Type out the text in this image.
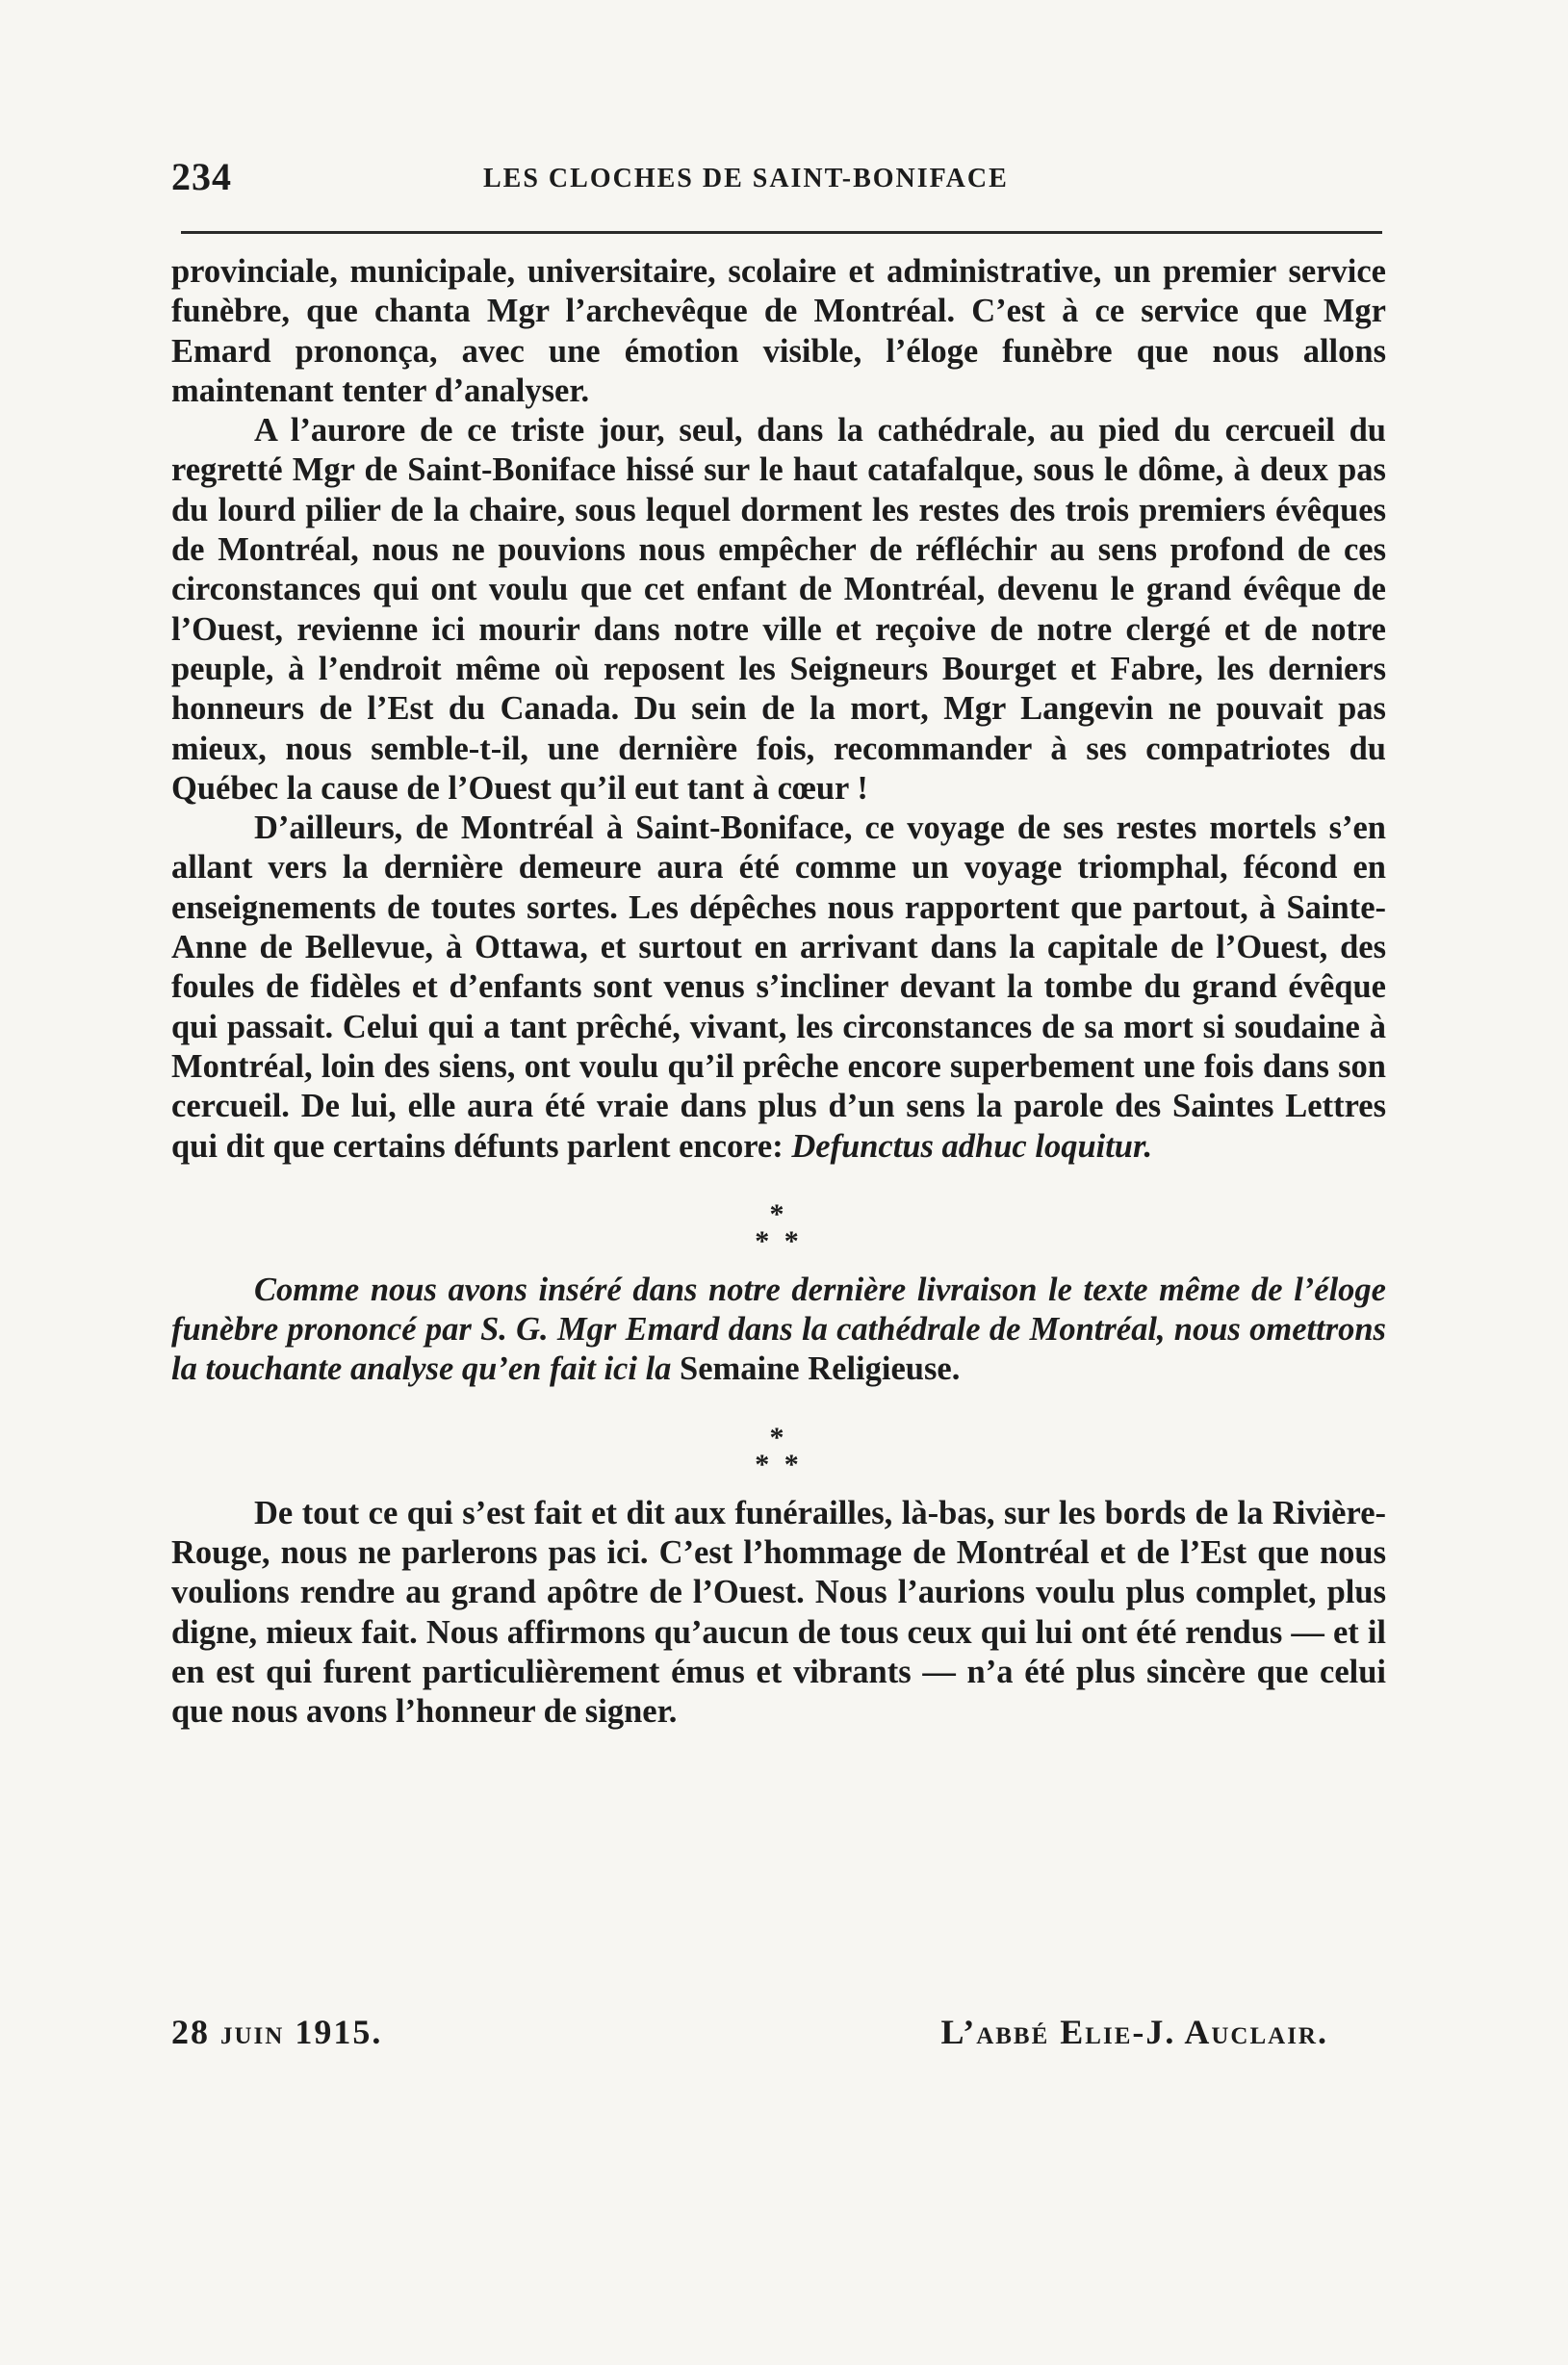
234	LES CLOCHES DE SAINT-BONIFACE

provinciale, municipale, universitaire, scolaire et administrative, un premier service funèbre, que chanta Mgr l’archevêque de Montréal. C’est à ce service que Mgr Emard prononça, avec une émotion visible, l’éloge funèbre que nous allons maintenant tenter d’analyser.

A l’aurore de ce triste jour, seul, dans la cathédrale, au pied du cercueil du regretté Mgr de Saint-Boniface hissé sur le haut catafalque, sous le dôme, à deux pas du lourd pilier de la chaire, sous lequel dorment les restes des trois premiers évêques de Montréal, nous ne pouvions nous empêcher de réfléchir au sens profond de ces circonstances qui ont voulu que cet enfant de Montréal, devenu le grand évêque de l’Ouest, revienne ici mourir dans notre ville et reçoive de notre clergé et de notre peuple, à l’endroit même où reposent les Seigneurs Bourget et Fabre, les derniers honneurs de l’Est du Canada. Du sein de la mort, Mgr Langevin ne pouvait pas mieux, nous semble-t-il, une dernière fois, recommander à ses compatriotes du Québec la cause de l’Ouest qu’il eut tant à cœur !

D’ailleurs, de Montréal à Saint-Boniface, ce voyage de ses restes mortels s’en allant vers la dernière demeure aura été comme un voyage triomphal, fécond en enseignements de toutes sortes. Les dépêches nous rapportent que partout, à Sainte-Anne de Bellevue, à Ottawa, et surtout en arrivant dans la capitale de l’Ouest, des foules de fidèles et d’enfants sont venus s’incliner devant la tombe du grand évêque qui passait. Celui qui a tant prêché, vivant, les circonstances de sa mort si soudaine à Montréal, loin des siens, ont voulu qu’il prêche encore superbement une fois dans son cercueil. De lui, elle aura été vraie dans plus d’un sens la parole des Saintes Lettres qui dit que certains défunts parlent encore: Defunctus adhuc loquitur.

*
* *

Comme nous avons inséré dans notre dernière livraison le texte même de l’éloge funèbre prononcé par S. G. Mgr Emard dans la cathédrale de Montréal, nous omettrons la touchante analyse qu’en fait ici la Semaine Religieuse.

*
* *

De tout ce qui s’est fait et dit aux funérailles, là-bas, sur les bords de la Rivière-Rouge, nous ne parlerons pas ici. C’est l’hommage de Montréal et de l’Est que nous voulions rendre au grand apôtre de l’Ouest. Nous l’aurions voulu plus complet, plus digne, mieux fait. Nous affirmons qu’aucun de tous ceux qui lui ont été rendus — et il en est qui furent particulièrement émus et vibrants — n’a été plus sincère que celui que nous avons l’honneur de signer.

28 juin 1915.	L’abbé Elie-J. Auclair.
